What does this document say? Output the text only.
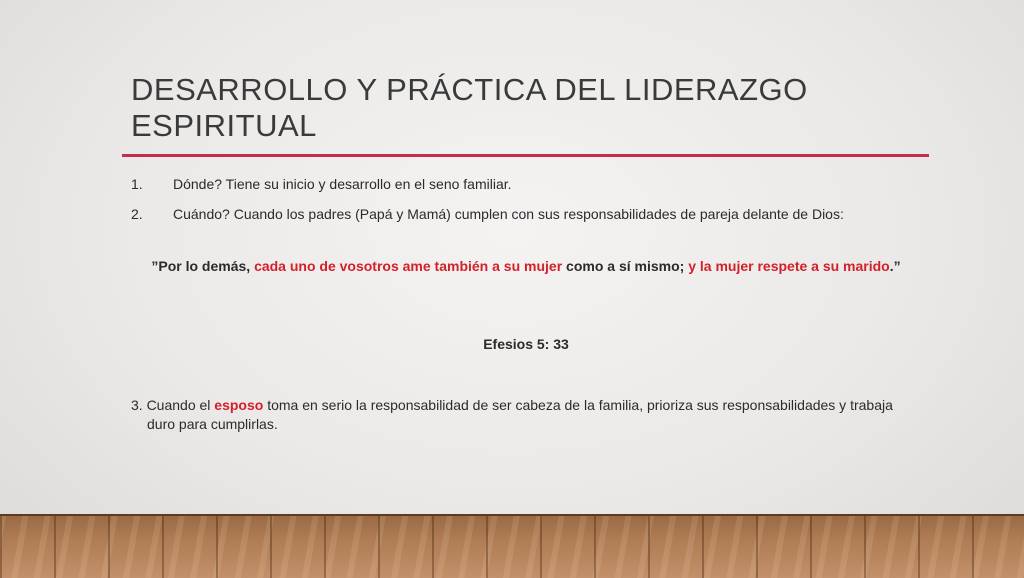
DESARROLLO Y PRÁCTICA DEL LIDERAZGO
ESPIRITUAL
1.	Dónde? Tiene su inicio y desarrollo en el seno familiar.
2.	Cuándo? Cuando los padres (Papá y Mamá) cumplen con sus responsabilidades de pareja delante de Dios:
”Por lo demás, cada uno de vosotros ame también a su mujer como a sí mismo; y la mujer respete a su marido.”
Efesios 5: 33
3. Cuando el esposo toma en serio la responsabilidad de ser cabeza de la familia, prioriza sus responsabilidades y trabaja
duro para cumplirlas.
